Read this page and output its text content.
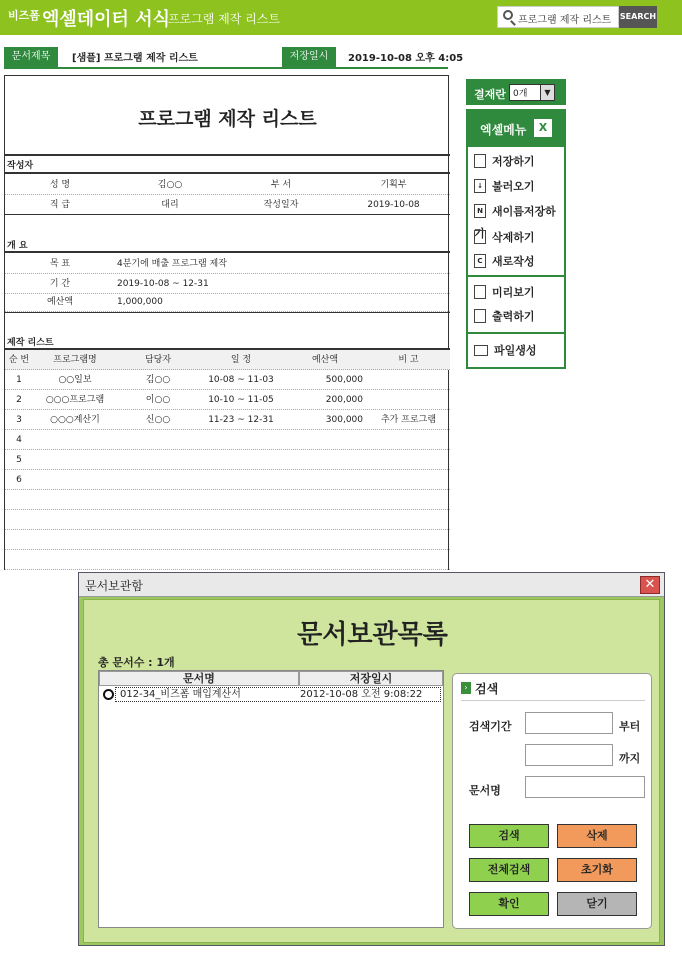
비즈폼 엑셀데이터 서식
프로그램 제작 리스트	프로그램 제작 리스트 SEARCH
문서제목	[샘플] 프로그램 제작 리스트	저장일시	2019-10-08 오후 4:05
프로그램 제작 리스트
작성자
성 명	김○○	부 서	기획부
직 급	대리	작성일자	2019-10-08
개 요
목 표	4분기에 매출 프로그램 제작
기 간	2019-10-08 ~ 12-31
예산액	1,000,000
제작 리스트
순 번	프로그램명	담당자	일 정	예산액	비 고
1	○○일보	김○○	10-08 ~ 11-03	500,000
2	○○○프로그램	이○○	10-10 ~ 11-05	200,000
3	○○○계산기	신○○	11-23 ~ 12-31	300,000	추가 프로그램
4
5
6
결재란 0개	▼
엑셀메뉴	X
저장하기
↓ 불러오기
N 새이름저장하기 삭제하기
C 새로작성
미리보기
출력하기
파일생성
문서보관함	✕
문서보관목록
총 문서수 : 1개
문서명	저장일시
012-34_비즈폼 매입계산서	2012-10-08 오전 9:08:22
› 검색
검색기간	부터
까지
문서명
검색	삭제
전체검색	초기화
확인	닫기
